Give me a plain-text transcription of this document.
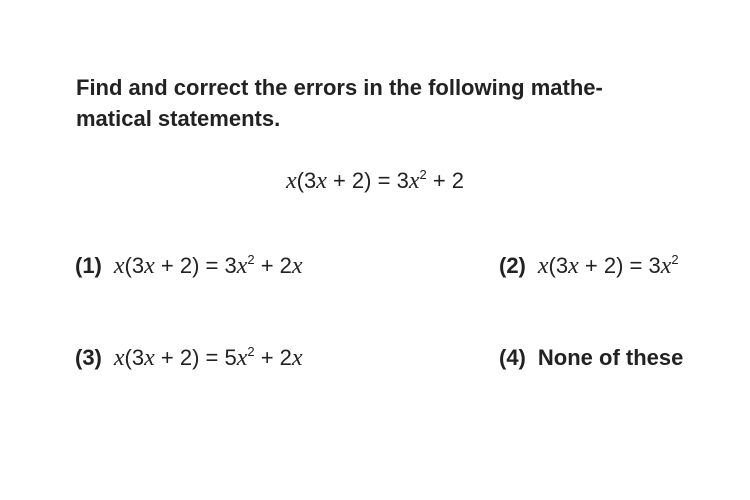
Find and correct the errors in the following mathe-matical statements.

$x(3x + 2) = 3x^2 + 2$
(1) $x(3x + 2) = 3x^2 + 2x$	(2) $x(3x + 2) = 3x^2$
(3) $x(3x + 2) = 5x^2 + 2x$	(4) None of these
